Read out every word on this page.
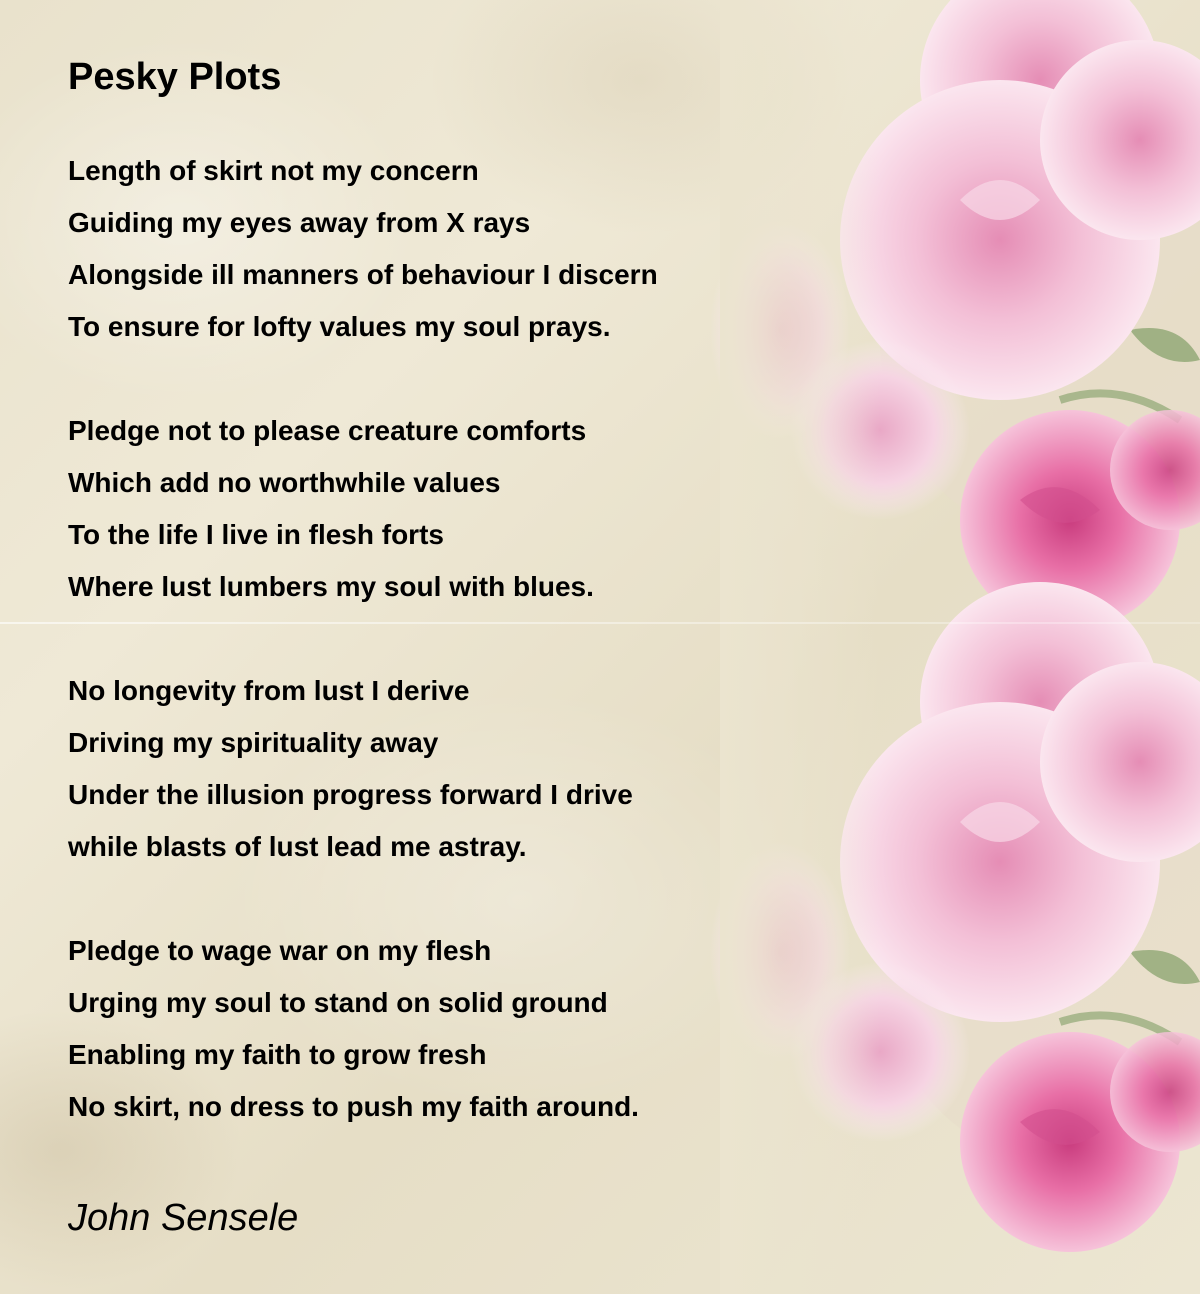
Pesky Plots
Length of skirt not my concern
Guiding my eyes away from X rays
Alongside ill manners of behaviour I discern
To ensure for lofty values my soul prays.
Pledge not to please creature comforts
Which add no worthwhile values
To the life I live in flesh forts
Where lust lumbers my soul with blues.
No longevity from lust I derive
Driving my spirituality away
Under the illusion progress forward I drive
while blasts of lust lead me astray.
Pledge to wage war on my flesh
Urging my soul to stand on solid ground
Enabling my faith to grow fresh
No skirt, no dress to push my faith around.
John Sensele
